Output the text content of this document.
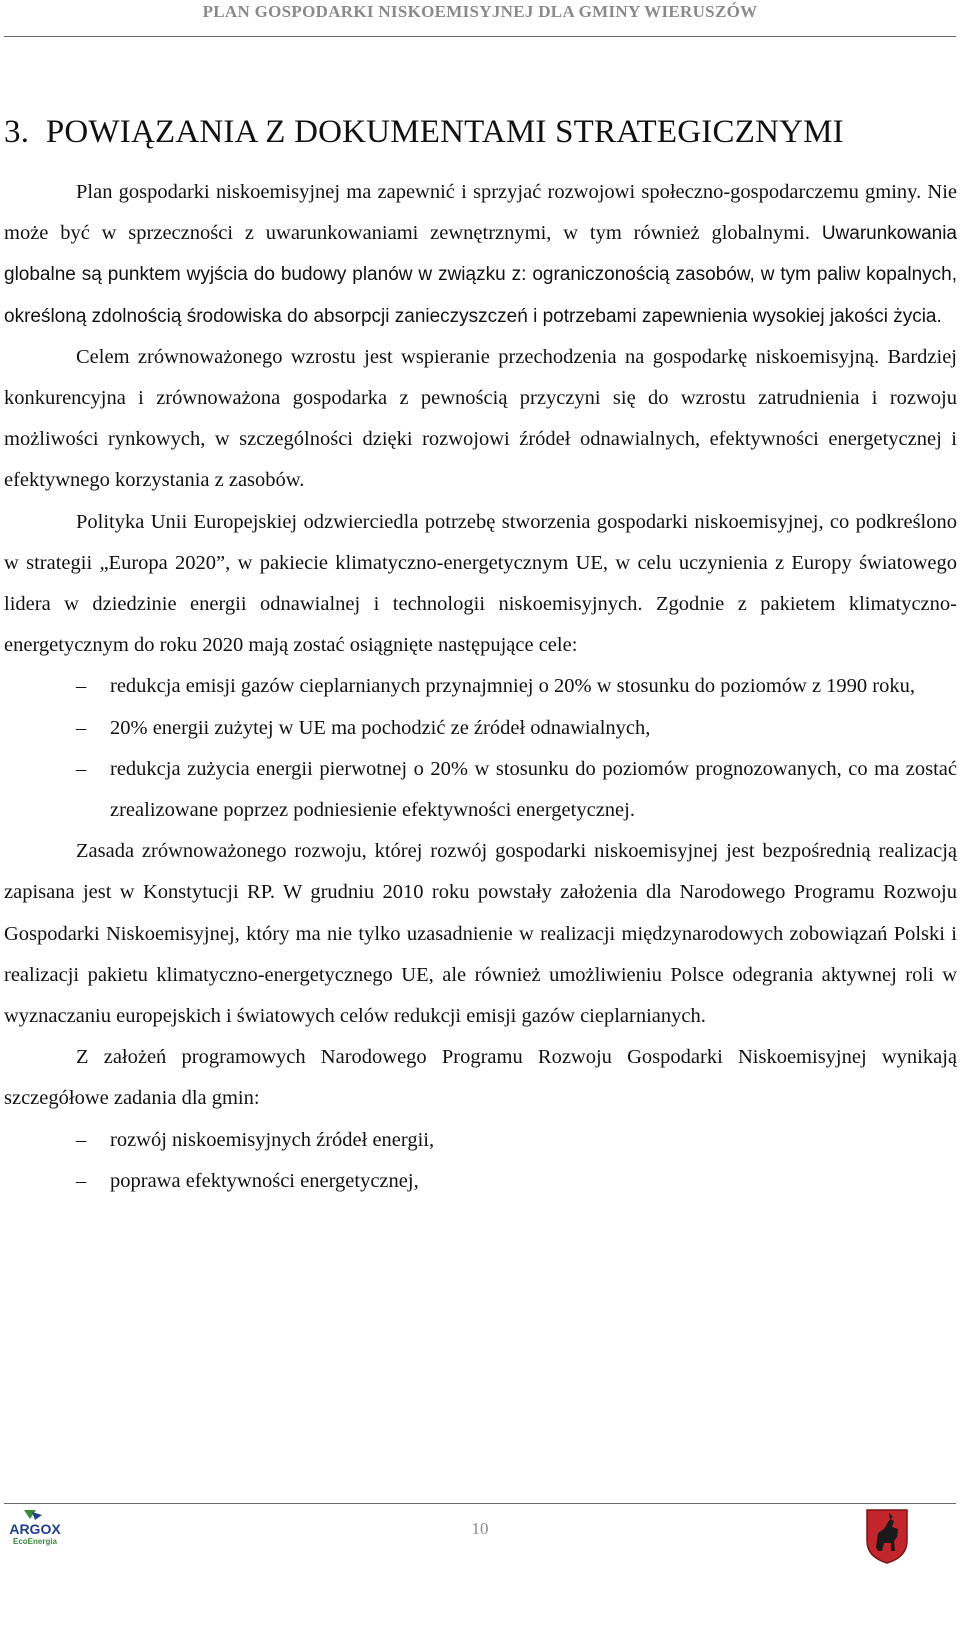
PLAN GOSPODARKI NISKOEMISYJNEJ DLA GMINY WIERUSZÓW
3. POWIĄZANIA Z DOKUMENTAMI STRATEGICZNYMI

Plan gospodarki niskoemisyjnej ma zapewnić i sprzyjać rozwojowi społeczno-gospodarczemu gminy. Nie może być w sprzeczności z uwarunkowaniami zewnętrznymi, w tym również globalnymi. Uwarunkowania globalne są punktem wyjścia do budowy planów w związku z: ograniczonością zasobów, w tym paliw kopalnych, określoną zdolnością środowiska do absorpcji zanieczyszczeń i potrzebami zapewnienia wysokiej jakości życia.

Celem zrównoważonego wzrostu jest wspieranie przechodzenia na gospodarkę niskoemisyjną. Bardziej konkurencyjna i zrównoważona gospodarka z pewnością przyczyni się do wzrostu zatrudnienia i rozwoju możliwości rynkowych, w szczególności dzięki rozwojowi źródeł odnawialnych, efektywności energetycznej i efektywnego korzystania z zasobów.

Polityka Unii Europejskiej odzwierciedla potrzebę stworzenia gospodarki niskoemisyjnej, co podkreślono w strategii „Europa 2020”, w pakiecie klimatyczno-energetycznym UE, w celu uczynienia z Europy światowego lidera w dziedzinie energii odnawialnej i technologii niskoemisyjnych. Zgodnie z pakietem klimatyczno-energetycznym do roku 2020 mają zostać osiągnięte następujące cele:

– redukcja emisji gazów cieplarnianych przynajmniej o 20% w stosunku do poziomów z 1990 roku,
– 20% energii zużytej w UE ma pochodzić ze źródeł odnawialnych,
– redukcja zużycia energii pierwotnej o 20% w stosunku do poziomów prognozowanych, co ma zostać zrealizowane poprzez podniesienie efektywności energetycznej.

Zasada zrównoważonego rozwoju, której rozwój gospodarki niskoemisyjnej jest bezpośrednią realizacją zapisana jest w Konstytucji RP. W grudniu 2010 roku powstały założenia dla Narodowego Programu Rozwoju Gospodarki Niskoemisyjnej, który ma nie tylko uzasadnienie w realizacji międzynarodowych zobowiązań Polski i realizacji pakietu klimatyczno-energetycznego UE, ale również umożliwieniu Polsce odegrania aktywnej roli w wyznaczaniu europejskich i światowych celów redukcji emisji gazów cieplarnianych.

Z założeń programowych Narodowego Programu Rozwoju Gospodarki Niskoemisyjnej wynikają szczegółowe zadania dla gmin:

– rozwój niskoemisyjnych źródeł energii,
– poprawa efektywności energetycznej,
ARGOX
EcoEnergia
10
